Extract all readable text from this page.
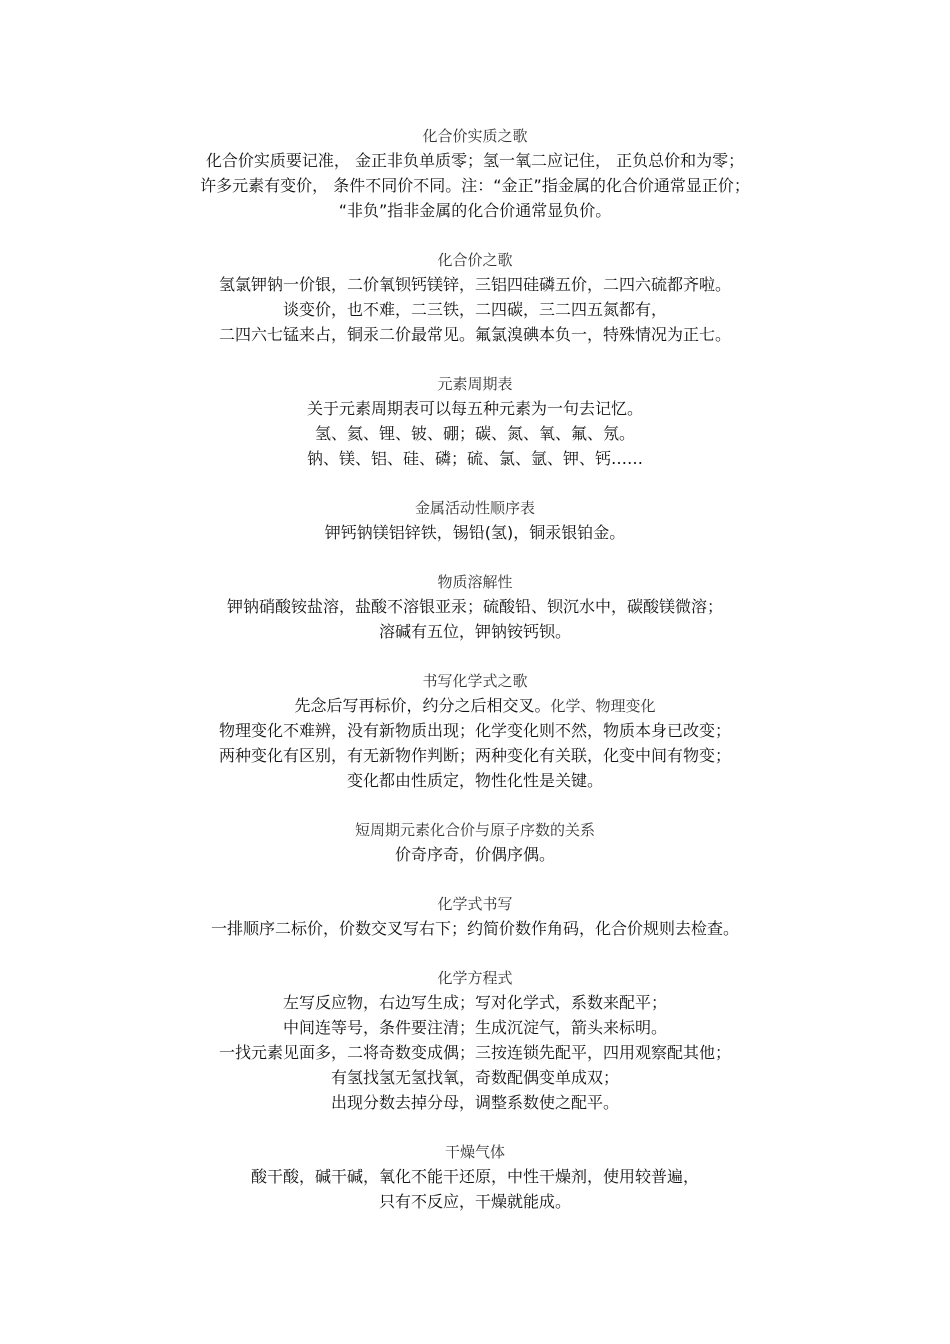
化合价实质之歌
化合价实质要记准， 金正非负单质零；氢一氧二应记住， 正负总价和为零；
许多元素有变价， 条件不同价不同。注：“金正”指金属的化合价通常显正价；
“非负”指非金属的化合价通常显负价。
化合价之歌
氢氯钾钠一价银，二价氧钡钙镁锌，三铝四硅磷五价，二四六硫都齐啦。
谈变价，也不难，二三铁，二四碳，三二四五氮都有，
二四六七锰来占，铜汞二价最常见。氟氯溴碘本负一，特殊情况为正七。
元素周期表
关于元素周期表可以每五种元素为一句去记忆。
氢、氦、锂、铍、硼；碳、氮、氧、氟、氖。
钠、镁、铝、硅、磷；硫、氯、氩、钾、钙……
金属活动性顺序表
钾钙钠镁铝锌铁，锡铅(氢)，铜汞银铂金。
物质溶解性
钾钠硝酸铵盐溶，盐酸不溶银亚汞；硫酸铅、钡沉水中，碳酸镁微溶；
溶碱有五位，钾钠铵钙钡。
书写化学式之歌
先念后写再标价，约分之后相交叉。化学、物理变化
物理变化不难辨，没有新物质出现；化学变化则不然，物质本身已改变；
两种变化有区别，有无新物作判断；两种变化有关联，化变中间有物变；
变化都由性质定，物性化性是关键。
短周期元素化合价与原子序数的关系
价奇序奇，价偶序偶。
化学式书写
一排顺序二标价，价数交叉写右下；约简价数作角码，化合价规则去检查。
化学方程式
左写反应物，右边写生成；写对化学式，系数来配平；
中间连等号，条件要注清；生成沉淀气，箭头来标明。
一找元素见面多，二将奇数变成偶；三按连锁先配平，四用观察配其他；
有氢找氢无氢找氧，奇数配偶变单成双；
出现分数去掉分母，调整系数使之配平。
干燥气体
酸干酸，碱干碱，氧化不能干还原，中性干燥剂，使用较普遍，
只有不反应，干燥就能成。
